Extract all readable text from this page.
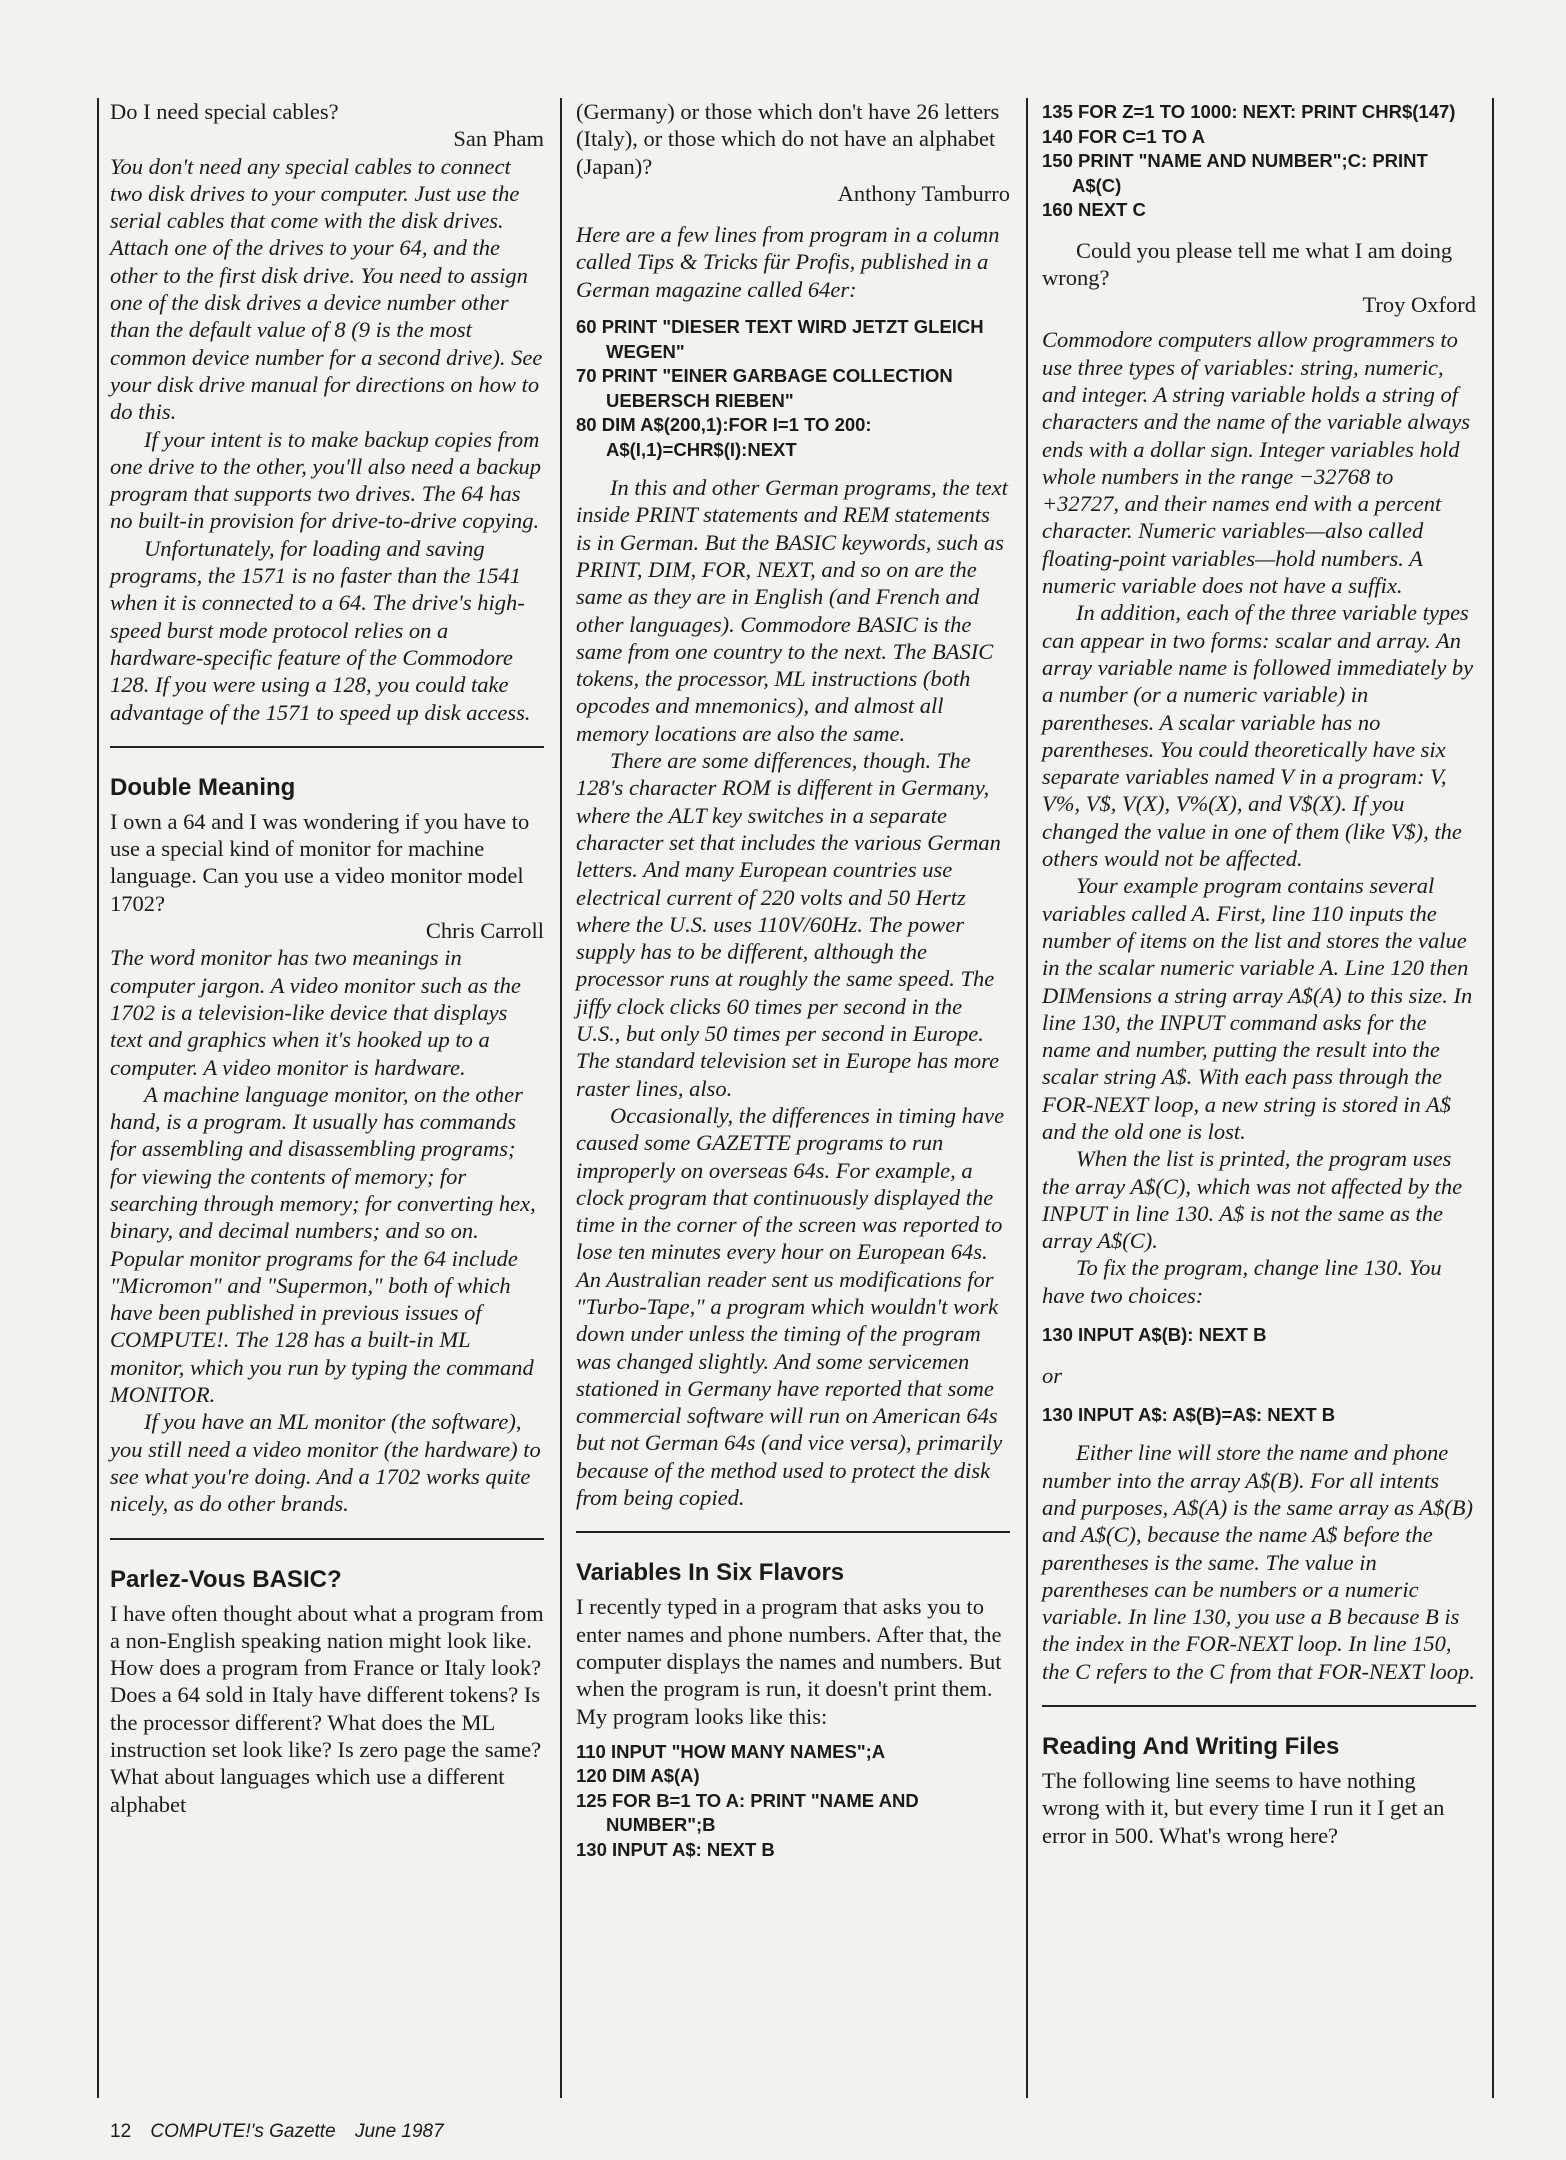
Do I need special cables?

San Pham

You don't need any special cables to connect two disk drives to your computer. Just use the serial cables that come with the disk drives. Attach one of the drives to your 64, and the other to the first disk drive. You need to assign one of the disk drives a device number other than the default value of 8 (9 is the most common device number for a second drive). See your disk drive manual for directions on how to do this.

If your intent is to make backup copies from one drive to the other, you'll also need a backup program that supports two drives. The 64 has no built-in provision for drive-to-drive copying.

Unfortunately, for loading and saving programs, the 1571 is no faster than the 1541 when it is connected to a 64. The drive's high-speed burst mode protocol relies on a hardware-specific feature of the Commodore 128. If you were using a 128, you could take advantage of the 1571 to speed up disk access.

Double Meaning

I own a 64 and I was wondering if you have to use a special kind of monitor for machine language. Can you use a video monitor model 1702?

Chris Carroll

The word monitor has two meanings in computer jargon. A video monitor such as the 1702 is a television-like device that displays text and graphics when it's hooked up to a computer. A video monitor is hardware.

A machine language monitor, on the other hand, is a program. It usually has commands for assembling and disassembling programs; for viewing the contents of memory; for searching through memory; for converting hex, binary, and decimal numbers; and so on. Popular monitor programs for the 64 include "Micromon" and "Supermon," both of which have been published in previous issues of COMPUTE!. The 128 has a built-in ML monitor, which you run by typing the command MONITOR.

If you have an ML monitor (the software), you still need a video monitor (the hardware) to see what you're doing. And a 1702 works quite nicely, as do other brands.

Parlez-Vous BASIC?

I have often thought about what a program from a non-English speaking nation might look like. How does a program from France or Italy look? Does a 64 sold in Italy have different tokens? Is the processor different? What does the ML instruction set look like? Is zero page the same? What about languages which use a different alphabet

(Germany) or those which don't have 26 letters (Italy), or those which do not have an alphabet (Japan)?

Anthony Tamburro

Here are a few lines from program in a column called Tips & Tricks für Profis, published in a German magazine called 64er:

60 PRINT "DIESER TEXT WIRD JETZT GLEICH WEGEN"
70 PRINT "EINER GARBAGE COLLECTION UEBERSCH RIEBEN"
80 DIM A$(200,1):FOR I=1 TO 200: A$(I,1)=CHR$(I):NEXT

In this and other German programs, the text inside PRINT statements and REM statements is in German. But the BASIC keywords, such as PRINT, DIM, FOR, NEXT, and so on are the same as they are in English (and French and other languages). Commodore BASIC is the same from one country to the next. The BASIC tokens, the processor, ML instructions (both opcodes and mnemonics), and almost all memory locations are also the same.

There are some differences, though. The 128's character ROM is different in Germany, where the ALT key switches in a separate character set that includes the various German letters. And many European countries use electrical current of 220 volts and 50 Hertz where the U.S. uses 110V/60Hz. The power supply has to be different, although the processor runs at roughly the same speed. The jiffy clock clicks 60 times per second in the U.S., but only 50 times per second in Europe. The standard television set in Europe has more raster lines, also.

Occasionally, the differences in timing have caused some GAZETTE programs to run improperly on overseas 64s. For example, a clock program that continuously displayed the time in the corner of the screen was reported to lose ten minutes every hour on European 64s. An Australian reader sent us modifications for "Turbo-Tape," a program which wouldn't work down under unless the timing of the program was changed slightly. And some servicemen stationed in Germany have reported that some commercial software will run on American 64s but not German 64s (and vice versa), primarily because of the method used to protect the disk from being copied.

Variables In Six Flavors

I recently typed in a program that asks you to enter names and phone numbers. After that, the computer displays the names and numbers. But when the program is run, it doesn't print them. My program looks like this:

110 INPUT "HOW MANY NAMES";A
120 DIM A$(A)
125 FOR B=1 TO A: PRINT "NAME AND NUMBER";B
130 INPUT A$: NEXT B
135 FOR Z=1 TO 1000: NEXT: PRINT CHR$(147)
140 FOR C=1 TO A
150 PRINT "NAME AND NUMBER";C: PRINT A$(C)
160 NEXT C

Could you please tell me what I am doing wrong?

Troy Oxford

Commodore computers allow programmers to use three types of variables: string, numeric, and integer. A string variable holds a string of characters and the name of the variable always ends with a dollar sign. Integer variables hold whole numbers in the range −32768 to +32727, and their names end with a percent character. Numeric variables—also called floating-point variables—hold numbers. A numeric variable does not have a suffix.

In addition, each of the three variable types can appear in two forms: scalar and array. An array variable name is followed immediately by a number (or a numeric variable) in parentheses. A scalar variable has no parentheses. You could theoretically have six separate variables named V in a program: V, V%, V$, V(X), V%(X), and V$(X). If you changed the value in one of them (like V$), the others would not be affected.

Your example program contains several variables called A. First, line 110 inputs the number of items on the list and stores the value in the scalar numeric variable A. Line 120 then DIMensions a string array A$(A) to this size. In line 130, the INPUT command asks for the name and number, putting the result into the scalar string A$. With each pass through the FOR-NEXT loop, a new string is stored in A$ and the old one is lost.

When the list is printed, the program uses the array A$(C), which was not affected by the INPUT in line 130. A$ is not the same as the array A$(C).

To fix the program, change line 130. You have two choices:

130 INPUT A$(B): NEXT B

or

130 INPUT A$: A$(B)=A$: NEXT B

Either line will store the name and phone number into the array A$(B). For all intents and purposes, A$(A) is the same array as A$(B) and A$(C), because the name A$ before the parentheses is the same. The value in parentheses can be numbers or a numeric variable. In line 130, you use a B because B is the index in the FOR-NEXT loop. In line 150, the C refers to the C from that FOR-NEXT loop.

Reading And Writing Files

The following line seems to have nothing wrong with it, but every time I run it I get an error in 500. What's wrong here?

12 COMPUTE!'s Gazette June 1987
